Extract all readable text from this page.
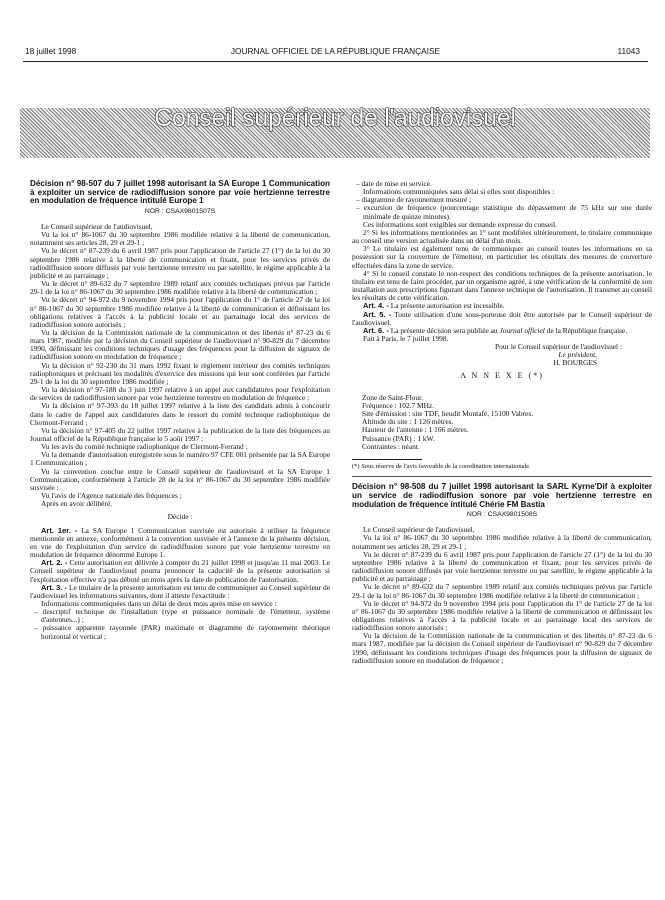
18 juillet 1998	JOURNAL OFFICIEL DE LA RÉPUBLIQUE FRANÇAISE	11043
Conseil supérieur de l'audiovisuel
Décision n° 98-507 du 7 juillet 1998 autorisant la SA Europe 1 Communication à exploiter un service de radiodiffusion sonore par voie hertzienne terrestre en modulation de fréquence intitulé Europe 1
NOR : CSAX9801507S
Le Conseil supérieur de l'audiovisuel,
Vu la loi n° 86-1067 du 30 septembre 1986 modifiée relative à la liberté de communication, notamment ses articles 28, 29 et 29-1 ;
Vu le décret n° 87-239 du 6 avril 1987 pris pour l'application de l'article 27 (1°) de la loi du 30 septembre 1986 relative à la liberté de communication et fixant, pour les services privés de radiodiffusion sonore diffusés par voie hertzienne terrestre ou par satellite, le régime applicable à la publicité et au parrainage ;
Vu le décret n° 89-632 du 7 septembre 1989 relatif aux comités techniques prévus par l'article 29-1 de la loi n° 86-1067 du 30 septembre 1986 modifiée relative à la liberté de communication ;
Vu le décret n° 94-972 du 9 novembre 1994 pris pour l'application du 1° de l'article 27 de la loi n° 86-1067 du 30 septembre 1986 modifiée relative à la liberté de communication et définissant les obligations relatives à l'accès à la publicité locale et au parrainage local des services de radiodiffusion sonore autorisés ;
Vu la décision de la Commission nationale de la communication et des libertés n° 87-23 du 6 mars 1987, modifiée par la décision du Conseil supérieur de l'audiovisuel n° 90-829 du 7 décembre 1990, définissant les conditions techniques d'usage des fréquences pour la diffusion de signaux de radiodiffusion sonore en modulation de fréquence ;
Vu la décision n° 92-230 du 31 mars 1992 fixant le règlement intérieur des comités techniques radiophoniques et précisant les modalités d'exercice des missions qui leur sont conférées par l'article 29-1 de la loi du 30 septembre 1986 modifiée ;
Vu la décision n° 97-188 du 3 juin 1997 relative à un appel aux candidatures pour l'exploitation de services de radiodiffusion sonore par voie hertzienne terrestre en modulation de fréquence ;
Vu la décision n° 97-393 du 18 juillet 1997 relative à la liste des candidats admis à concourir dans le cadre de l'appel aux candidatures dans le ressort du comité technique radiophonique de Clermont-Ferrand ;
Vu la décision n° 97-405 du 22 juillet 1997 relative à la publication de la liste des fréquences au Journal officiel de la République française le 5 août 1997 ;
Vu les avis du comité technique radiophonique de Clermont-Ferrand ;
Vu la demande d'autorisation enregistrée sous le numéro 97 CFE 001 présentée par la SA Europe 1 Communication ;
Vu la convention conclue entre le Conseil supérieur de l'audiovisuel et la SA Europe 1 Communication, conformément à l'article 28 de la loi n° 86-1067 du 30 septembre 1986 modifiée susvisée ;
Vu l'avis de l'Agence nationale des fréquences ;
Après en avoir délibéré,
Décide :
Art. 1er. - La SA Europe 1 Communication susvisée est autorisée à utiliser la fréquence mentionnée en annexe, conformément à la convention susvisée et à l'annexe de la présente décision, en vue de l'exploitation d'un service de radiodiffusion sonore par voie hertzienne terrestre en modulation de fréquence dénommé Europe 1.
Art. 2. - Cette autorisation est délivrée à compter du 21 juillet 1998 et jusqu'au 11 mai 2003. Le Conseil supérieur de l'audiovisuel pourra prononcer la caducité de la présente autorisation si l'exploitation effective n'a pas débuté un mois après la date de publication de l'autorisation.
Art. 3. - Le titulaire de la présente autorisation est tenu de communiquer au Conseil supérieur de l'audiovisuel les informations suivantes, dont il atteste l'exactitude :
Informations communiquées dans un délai de deux mois après mise en service :
– descriptif technique de l'installation (type et puissance nominale de l'émetteur, système d'antennes...) ;
– puissance apparente rayonnée (PAR) maximale et diagramme de rayonnement théorique horizontal et vertical ;
– date de mise en service.
Informations communiquées sans délai si elles sont disponibles :
– diagramme de rayonnement mesuré ;
– excursion de fréquence (pourcentage statistique du dépassement de 75 kHz sur une durée minimale de quinze minutes).
Ces informations sont exigibles sur demande expresse du conseil.
2° Si les informations mentionnées au 1° sont modifiées ultérieurement, le titulaire communique au conseil une version actualisée dans un délai d'un mois.
3° Le titulaire est également tenu de communiquer au conseil toutes les informations en sa possession sur la couverture de l'émetteur, en particulier les résultats des mesures de couverture effectuées dans la zone de service.
4° Si le conseil constate le non-respect des conditions techniques de la présente autorisation, le titulaire est tenu de faire procéder, par un organisme agréé, à une vérification de la conformité de son installation aux prescriptions figurant dans l'annexe technique de l'autorisation. Il transmet au conseil les résultats de cette vérification.
Art. 4. - La présente autorisation est incessible.
Art. 5. - Toute utilisation d'une sous-porteuse doit être autorisée par le Conseil supérieur de l'audiovisuel.
Art. 6. - La présente décision sera publiée au Journal officiel de la République française.
Fait à Paris, le 7 juillet 1998.
Pour le Conseil supérieur de l'audiovisuel :
Le président,
H. BOURGES
A N N E X E (*)
Zone de Saint-Flour.
Fréquence : 102.7 MHz.
Site d'émission : site TDF, lieudit Montafé, 15100 Vabres.
Altitude du site : 1 126 mètres.
Hauteur de l'antenne : 1 166 mètres.
Puissance (PAR) : 1 kW.
Contraintes : néant.
(*) Sous réserve de l'avis favorable de la coordination internationale.
Décision n° 98-508 du 7 juillet 1998 autorisant la SARL Kyrne'Dif à exploiter un service de radiodiffusion sonore par voie hertzienne terrestre en modulation de fréquence intitulé Chérie FM Bastia
NOR : CSAX9801508S
Le Conseil supérieur de l'audiovisuel,
Vu la loi n° 86-1067 du 30 septembre 1986 modifiée relative à la liberté de communication, notamment ses articles 28, 29 et 29-1 ;
Vu le décret n° 87-239 du 6 avril 1987 pris pour l'application de l'article 27 (1°) de la loi du 30 septembre 1986 relative à la liberté de communication et fixant, pour les services privés de radiodiffusion sonore diffusés par voie hertzienne terrestre ou par satellite, le régime applicable à la publicité et au parrainage ;
Vu le décret n° 89-632 du 7 septembre 1989 relatif aux comités techniques prévus par l'article 29-1 de la loi n° 86-1067 du 30 septembre 1986 modifiée relative à la liberté de communication ;
Vu le décret n° 94-972 du 9 novembre 1994 pris pour l'application du 1° de l'article 27 de la loi n° 86-1067 du 30 septembre 1986 modifiée relative à la liberté de communication et définissant les obligations relatives à l'accès à la publicité locale et au parrainage local des services de radiodiffusion sonore autorisés ;
Vu la décision de la Commission nationale de la communication et des libertés n° 87-23 du 6 mars 1987, modifiée par la décision du Conseil supérieur de l'audiovisuel n° 90-829 du 7 décembre 1990, définissant les conditions techniques d'usage des fréquences pour la diffusion de signaux de radiodiffusion sonore en modulation de fréquence ;
